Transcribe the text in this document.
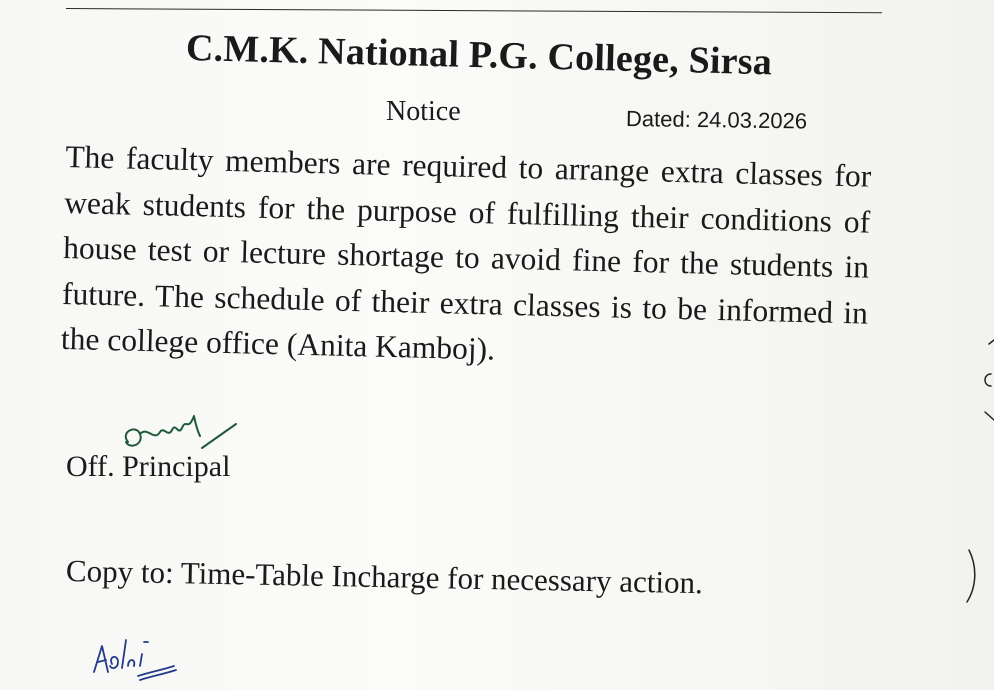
C.M.K. National P.G. College, Sirsa
Notice	Dated: 24.03.2026

The faculty members are required to arrange extra classes for weak students for the purpose of fulfilling their conditions of house test or lecture shortage to avoid fine for the students in future. The schedule of their extra classes is to be informed in the college office (Anita Kamboj).

Off. Principal
Copy to: Time-Table Incharge for necessary action.
